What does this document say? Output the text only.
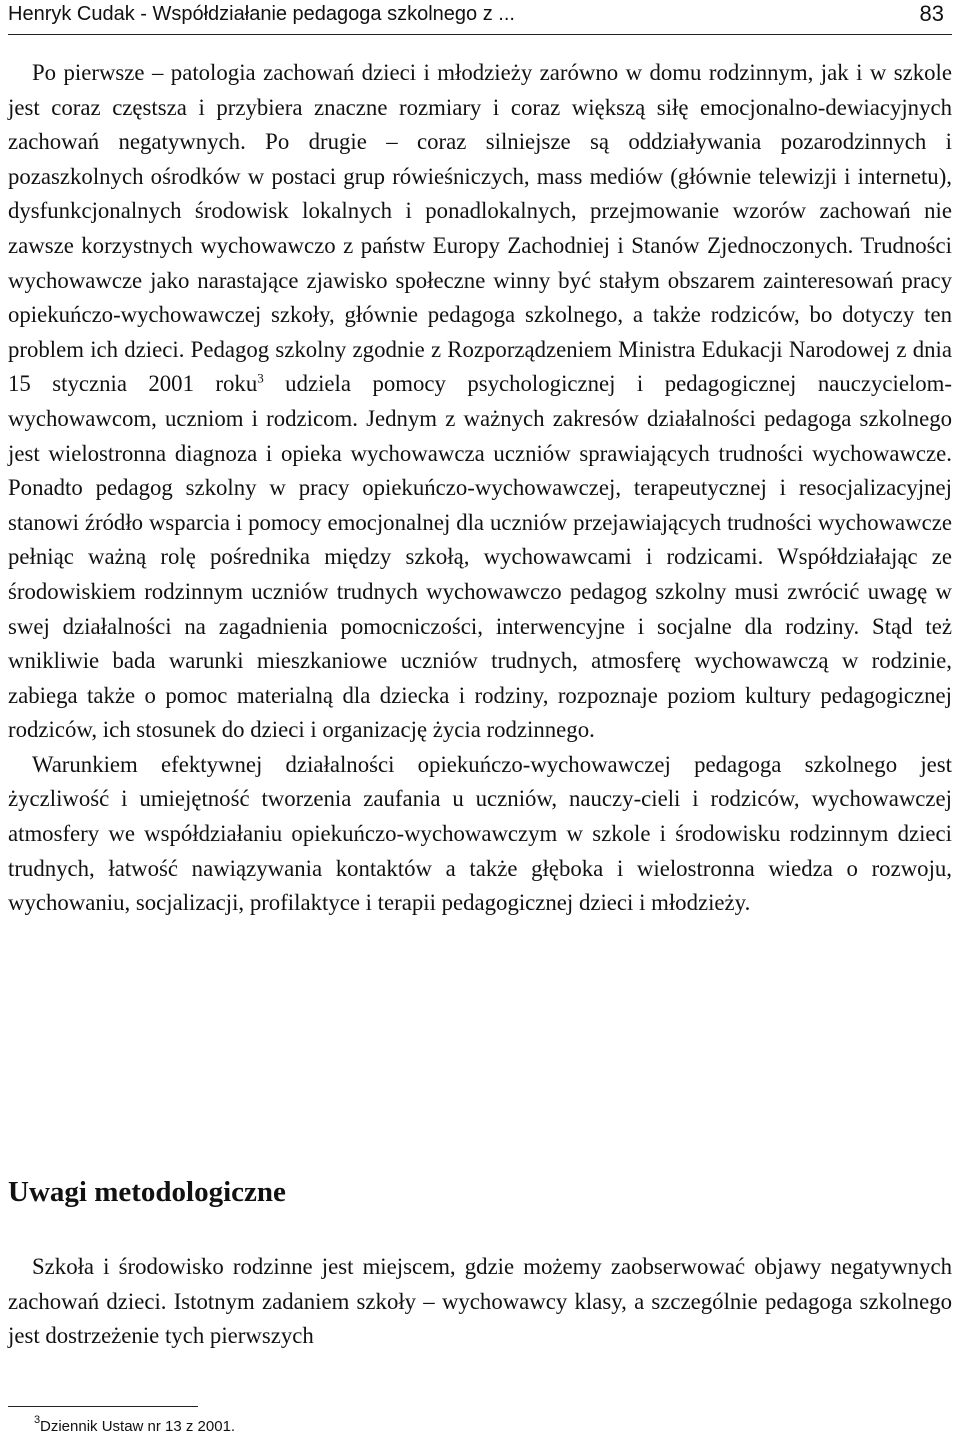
Henryk Cudak - Współdziałanie pedagoga szkolnego z ...	83

Po pierwsze – patologia zachowań dzieci i młodzieży zarówno w domu rodzinnym, jak i w szkole jest coraz częstsza i przybiera znaczne rozmiary i coraz większą siłę emocjonalno-dewiacyjnych zachowań negatywnych. Po drugie – coraz silniejsze są oddziaływania pozarodzinnych i pozaszkolnych ośrodków w postaci grup rówieśniczych, mass mediów (głównie telewizji i internetu), dysfunkcjonalnych środowisk lokalnych i ponadlokalnych, przejmowanie wzorów zachowań nie zawsze korzystnych wychowawczo z państw Europy Zachodniej i Stanów Zjednoczonych. Trudności wychowawcze jako narastające zjawisko społeczne winny być stałym obszarem zainteresowań pracy opiekuńczo-wychowawczej szkoły, głównie pedagoga szkolnego, a także rodziców, bo dotyczy ten problem ich dzieci. Pedagog szkolny zgodnie z Rozporządzeniem Ministra Edukacji Narodowej z dnia 15 stycznia 2001 roku$^3$ udziela pomocy psychologicznej i pedagogicznej nauczycielom-wychowawcom, uczniom i rodzicom. Jednym z ważnych zakresów działalności pedagoga szkolnego jest wielostronna diagnoza i opieka wychowawcza uczniów sprawiających trudności wychowawcze. Ponadto pedagog szkolny w pracy opiekuńczo-wychowawczej, terapeutycznej i resocjalizacyjnej stanowi źródło wsparcia i pomocy emocjonalnej dla uczniów przejawiających trudności wychowawcze pełniąc ważną rolę pośrednika między szkołą, wychowawcami i rodzicami. Współdziałając ze środowiskiem rodzinnym uczniów trudnych wychowawczo pedagog szkolny musi zwrócić uwagę w swej działalności na zagadnienia pomocniczości, interwencyjne i socjalne dla rodziny. Stąd też wnikliwie bada warunki mieszkaniowe uczniów trudnych, atmosferę wychowawczą w rodzinie, zabiega także o pomoc materialną dla dziecka i rodziny, rozpoznaje poziom kultury pedagogicznej rodziców, ich stosunek do dzieci i organizację życia rodzinnego.

Warunkiem efektywnej działalności opiekuńczo-wychowawczej pedagoga szkolnego jest życzliwość i umiejętność tworzenia zaufania u uczniów, nauczy-cieli i rodziców, wychowawczej atmosfery we współdziałaniu opiekuńczo-wychowawczym w szkole i środowisku rodzinnym dzieci trudnych, łatwość nawiązywania kontaktów a także głęboka i wielostronna wiedza o rozwoju, wychowaniu, socjalizacji, profilaktyce i terapii pedagogicznej dzieci i młodzieży.

Uwagi metodologiczne

Szkoła i środowisko rodzinne jest miejscem, gdzie możemy zaobserwować objawy negatywnych zachowań dzieci. Istotnym zadaniem szkoły – wychowawcy klasy, a szczególnie pedagoga szkolnego jest dostrzeżenie tych pierwszych

3 Dziennik Ustaw nr 13 z 2001.
